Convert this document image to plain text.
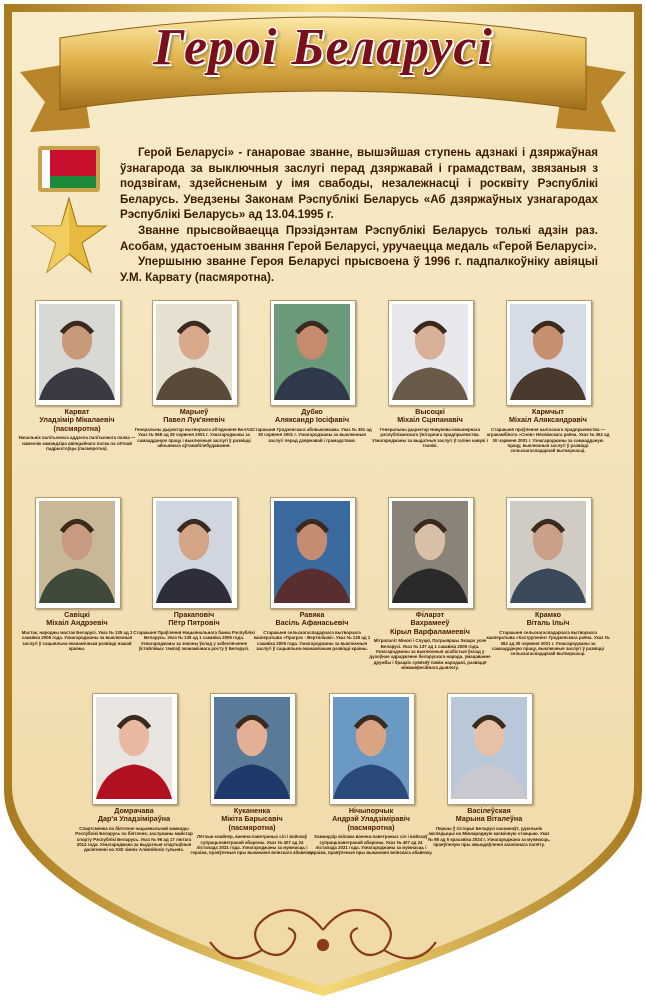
Героі Беларусі

Герой Беларусі» - ганаровае званне, вышэйшая ступень адзнакі і дзяржаўная ўзнагарода за выключныя заслугі перад дзяржавай і грамадствам, звязаныя з подзвігам, здзейсненым у імя свабоды, незалежнасці і росквіту Рэспублікі Беларусь. Уведзены Законам Рэспублікі Беларусь «Аб дзяржаўных узнагародах Рэспублікі Беларусь» ад 13.04.1995 г.

Званне прысвойваецца Прэзідэнтам Рэспублікі Беларусь толькі адзін раз. Асобам, удастоеным звання Герой Беларусі, уручаецца медаль «Герой Беларусі».

Упершыню званне Героя Беларусі прысвоена ў 1996 г. падпалкоўніку авіяцыі У.М. Карвату (пасмяротна).

Карват
Уладзімір Мікалаевіч
(пасмяротна)
Начальнік палітычнага аддзела палітычнага палка — намеснік камандзіра авіяцыйнага палка па лётнай падрыхтоўцы (пасмяротна).
Марыеў
Павел Лук'яневіч
Генеральны дырэктар вытворчага аб'яднання БелАЗ. Указ № 568 ад 29 чэрвеня 2001 г. Узнагароджаны за самаадданую працу і выключныя заслугі ў развіцці айчыннага аўтамабілебудавання.
Дубко
Аляксандр Іосіфавіч
Старшыня Гродзенскага аблвыканкама. Указ № 361 ад 30 чэрвеня 2001 г. Узнагароджаны за выключныя заслугі перад дзяржавай і грамадствам.
Высоцкі
Міхаіл Сцяпанавіч
Генеральны дырэктар Навукова-інжынернага рэспубліканскага ўнітарнага прадпрыемства. Узнагароджаны за выдатныя заслугі ў галіне навукі і тэхнікі.
Кармчыт
Міхаіл Аляксандравіч
Старшыня праўлення калгаснага прадпрыемства — агракамбіната «Снов» Нясвіжскага раёна. Указ № 362 ад 30 чэрвеня 2001 г. Узнагароджаны за самаадданую працу, выключныя заслугі ў развіцці сельскагаспадарчай вытворчасці.
Савіцкі
Міхаіл Андрэевіч
Мастак, народны мастак Беларусі. Указ № 135 ад 1 сакавіка 2006 года. Узнагароджаны за выключныя заслугі ў сацыяльна-эканамічным развіцці нашай краіны.
Пракаповіч
Пётр Пятровіч
Старшыня Праўлення Нацыянальнага банка Рэспублікі Беларусь. Указ № 135 ад 1 сакавіка 2006 года. Узнагароджаны за значны ўклад у забеспячэнне ўстойлівых тэмпаў эканамічнага росту ў Беларусі.
Равяка
Васіль Афанасьевіч
Старшыня сельскагаспадарчага вытворчага кааператыва «Прагрэс - Вертялішкі». Указ № 135 ад 1 сакавіка 2006 года. Узнагароджаны за выключныя заслугі ў сацыяльна-эканамічным развіцці краіны.
Філарэт
Вахрамееў
Кірыл Варфаламеевіч
Мітрапаліт Мінскі і Слуцкі, Патрыяршы Экзарх усяе Беларусі. Указ № 137 ад 1 сакавіка 2006 года. Узнагароджаны за выключныя асабістыя ўклад у духоўнае адраджэнне беларускага народа, умацаванне дружбы і брацкіх сувязяў паміж народамі, развіццё міжканфесійнага дыялогу.
Крамко
Віталь Ільіч
Старшыня сельскагаспадарчага вытворчага кааператыва «Каструпенін» Гродзенскага раёна. Указ № 362 ад 30 чэрвеня 2001 г. Узнагароджаны за самаадданую працу, выключныя заслугі ў развіцці сельскагаспадарчай вытворчасці.
Домрачава
Дар'я Уладзіміраўна
Спартсменка па біятлоне нацыянальнай каманды Рэспублікі Беларусь па біятлоне, заслужаны майстар спорту Рэспублікі Беларусь. Указ № 96 ад 17 лютага 2014 года. Узнагароджана за выдатныя спартыўныя дасягненні на XXII зімніх Алімпійскіх гульнях.
Куканенка
Мікіта Барысавіч
(пасмяротна)
Лётчык-снайпер, ваенна-паветраных сіл і войскаў супрацьпаветранай абароны. Указ № 407 ад 24 лістапада 2021 года. Узнагароджаны за мужнасць і гераізм, праяўленыя пры выкананні воінскага абавязку.
Нічыпорчык
Андрэй Уладзіміравіч
(пасмяротна)
Камандзір экіпажа ваенна-паветраных сіл і войскаў супрацьпаветранай абароны. Указ № 407 ад 24 лістапада 2021 года. Узнагароджаны за мужнасць і гераізм, праяўленыя пры выкананні воінскага абавязку.
Васілеўская
Марына Віталеўна
Першы ў гісторыі Беларусі касманаўт, удзельнік экспедыцыі на Міжнародную касмічную станцыю. Указ № 98 ад 5 красавіка 2024 г. Узнагароджана за мужнасць, праяўленую пры ажыццяўленні касмічнага палёту.
